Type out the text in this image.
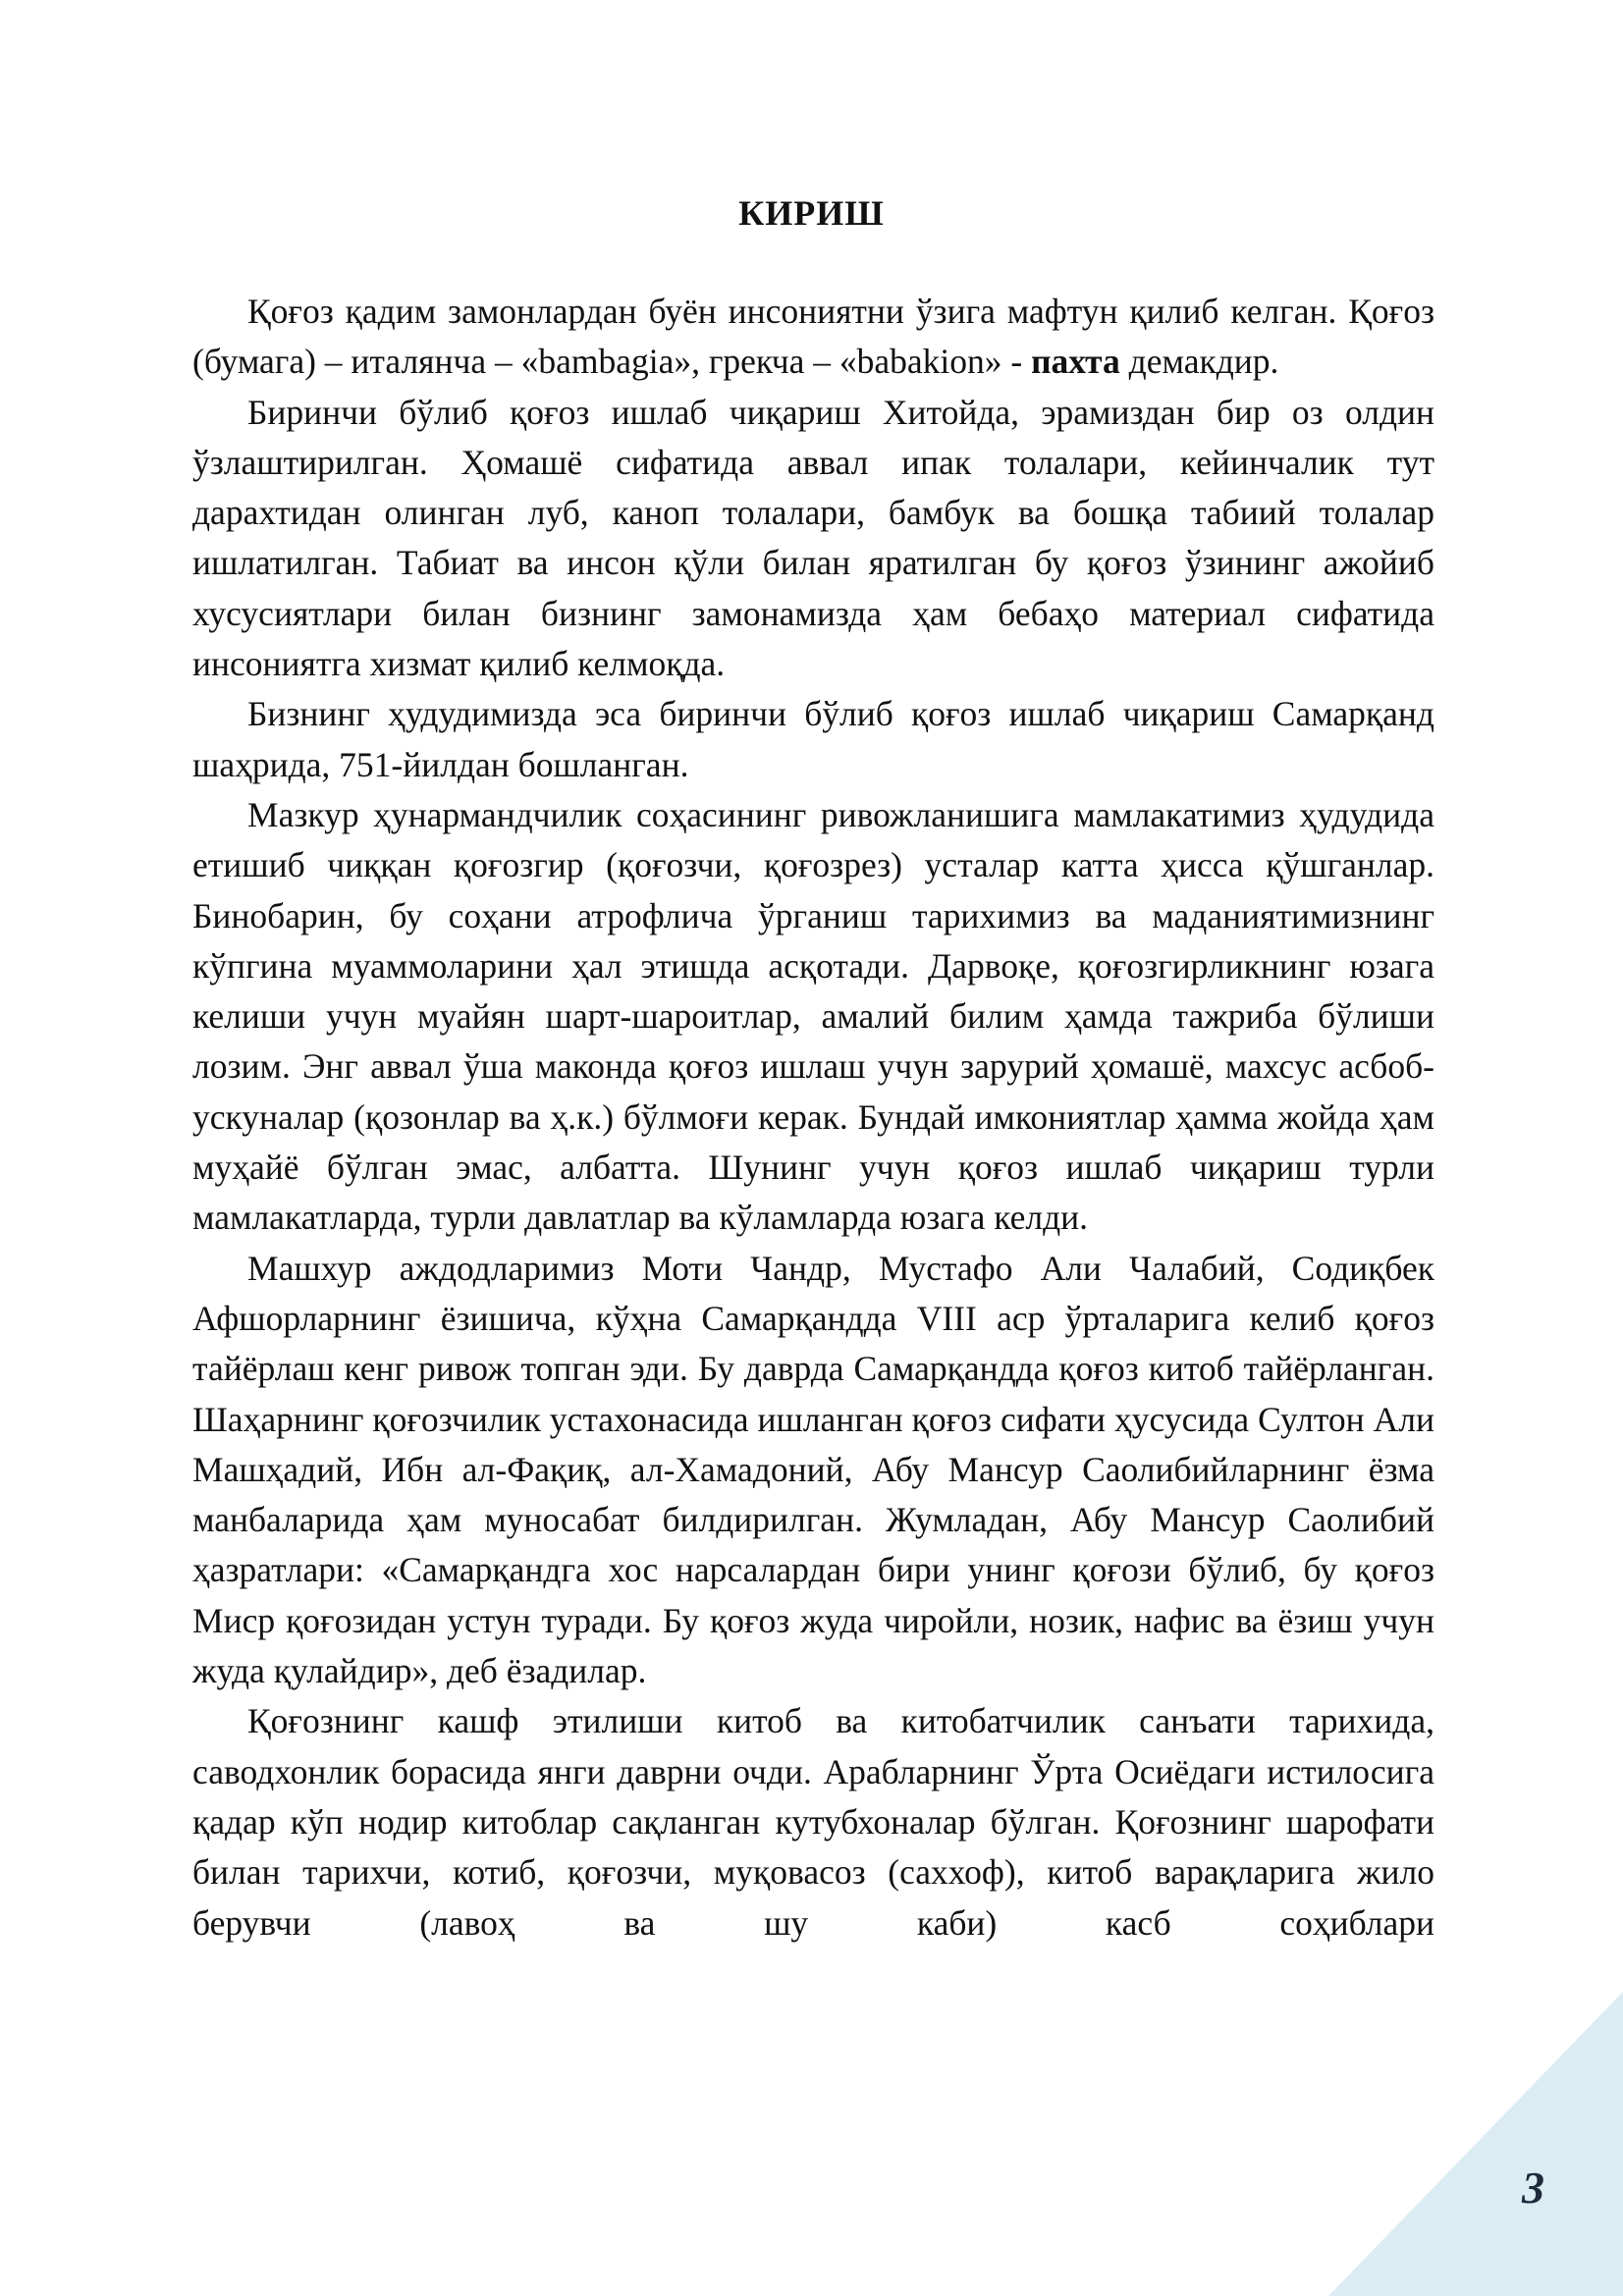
КИРИШ

Қоғоз қадим замонлардан буён инсониятни ўзига мафтун қилиб келган. Қоғоз (бумага) – италянча – «bambagia», грекча – «babakion» - пахта демакдир.

Биринчи бўлиб қоғоз ишлаб чиқариш Хитойда, эрамиздан бир оз олдин ўзлаштирилган. Ҳомашё сифатида аввал ипак толалари, кейинчалик тут дарахтидан олинган луб, каноп толалари, бамбук ва бошқа табиий толалар ишлатилган. Табиат ва инсон қўли билан яратилган бу қоғоз ўзининг ажойиб хусусиятлари билан бизнинг замонамизда ҳам бебаҳо материал сифатида инсониятга хизмат қилиб келмоқда.

Бизнинг ҳудудимизда эса биринчи бўлиб қоғоз ишлаб чиқариш Самарқанд шаҳрида, 751-йилдан бошланган.

Мазкур ҳунармандчилик соҳасининг ривожланишига мамлакатимиз ҳудудида етишиб чиққан қоғозгир (қоғозчи, қоғозрез) усталар катта ҳисса қўшганлар. Бинобарин, бу соҳани атрофлича ўрганиш тарихимиз ва маданиятимизнинг кўпгина муаммоларини ҳал этишда асқотади. Дарвоқе, қоғозгирликнинг юзага келиши учун муайян шарт-шароитлар, амалий билим ҳамда тажриба бўлиши лозим. Энг аввал ўша маконда қоғоз ишлаш учун зарурий ҳомашё, махсус асбоб-ускуналар (қозонлар ва ҳ.к.) бўлмоғи керак. Бундай имкониятлар ҳамма жойда ҳам муҳайё бўлган эмас, албатта. Шунинг учун қоғоз ишлаб чиқариш турли мамлакатларда, турли давлатлар ва кўламларда юзага келди.

Машхур аждодларимиз Моти Чандр, Мустафо Али Чалабий, Содиқбек Афшорларнинг ёзишича, кўҳна Самарқандда VIII аср ўрталарига келиб қоғоз тайёрлаш кенг ривож топган эди. Бу даврда Самарқандда қоғоз китоб тайёрланган. Шаҳарнинг қоғозчилик устахонасида ишланган қоғоз сифати ҳусусида Султон Али Машҳадий, Ибн ал-Фақиқ, ал-Хамадоний, Абу Мансур Саолибийларнинг ёзма манбаларида ҳам муносабат билдирилган. Жумладан, Абу Мансур Саолибий ҳазратлари: «Самарқандга хос нарсалардан бири унинг қоғози бўлиб, бу қоғоз Миср қоғозидан устун туради. Бу қоғоз жуда чиройли, нозик, нафис ва ёзиш учун жуда қулайдир», деб ёзадилар.

Қоғознинг кашф этилиши китоб ва китобатчилик санъати тарихида, саводхонлик борасида янги даврни очди. Арабларнинг Ўрта Осиёдаги истилосига қадар кўп нодир китоблар сақланган кутубхоналар бўлган. Қоғознинг шарофати билан тарихчи, котиб, қоғозчи, муқовасоз (саххоф), китоб варақларига жило берувчи (лавоҳ ва шу каби) касб соҳиблари

3
